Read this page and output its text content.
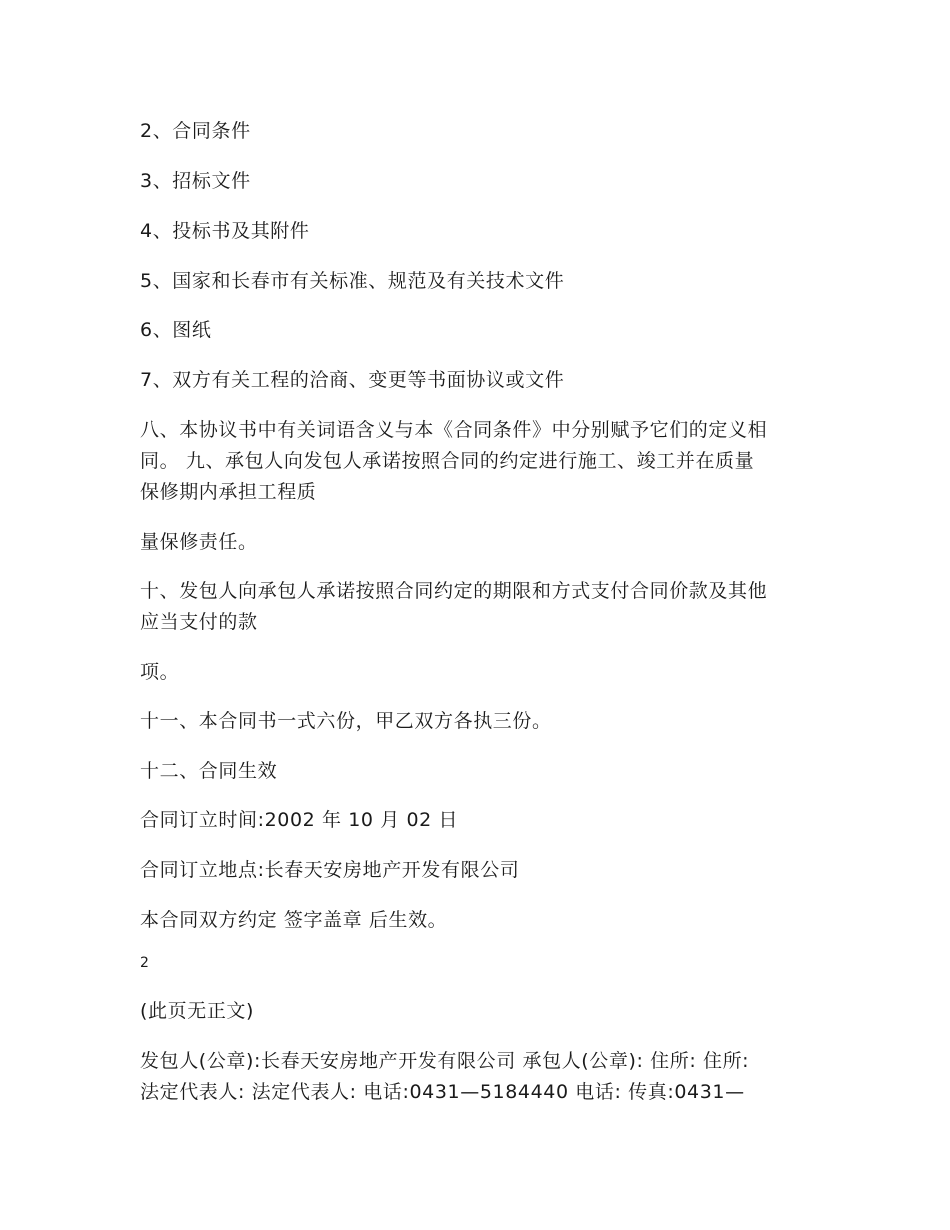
2、合同条件

3、招标文件

4、投标书及其附件

5、国家和长春市有关标准、规范及有关技术文件

6、图纸

7、双方有关工程的洽商、变更等书面协议或文件

八、本协议书中有关词语含义与本《合同条件》中分别赋予它们的定义相

同。 九、承包人向发包人承诺按照合同的约定进行施工、竣工并在质量

保修期内承担工程质

量保修责任。

十、发包人向承包人承诺按照合同约定的期限和方式支付合同价款及其他

应当支付的款

项。

十一、本合同书一式六份，甲乙双方各执三份。

十二、合同生效

合同订立时间:2002 年 10 月 02 日

合同订立地点:长春天安房地产开发有限公司

本合同双方约定 签字盖章 后生效。

2

(此页无正文)

发包人(公章):长春天安房地产开发有限公司 承包人(公章): 住所: 住所:

法定代表人: 法定代表人: 电话:0431—5184440 电话: 传真:0431—
